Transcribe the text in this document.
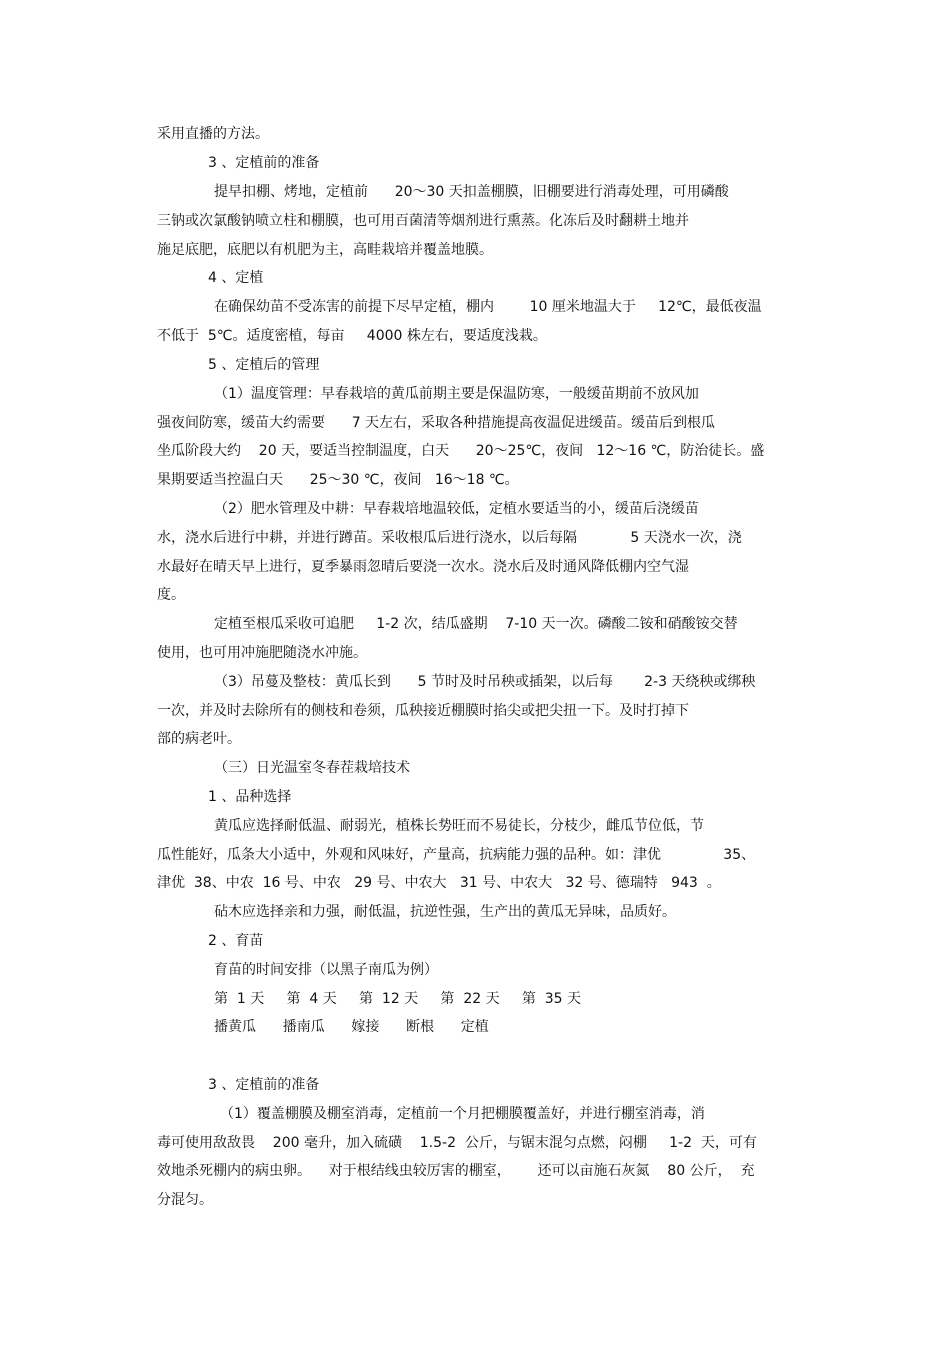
采用直播的方法。

3 、定植前的准备

提早扣棚、烤地，定植前      20～30 天扣盖棚膜，旧棚要进行消毒处理，可用磷酸

三钠或次氯酸钠喷立柱和棚膜，也可用百菌清等烟剂进行熏蒸。化冻后及时翻耕土地并

施足底肥，底肥以有机肥为主，高畦栽培并覆盖地膜。

4 、定植

在确保幼苗不受冻害的前提下尽早定植，棚内        10 厘米地温大于     12℃，最低夜温

不低于  5℃。适度密植，每亩     4000 株左右，要适度浅栽。

5 、定植后的管理

（1）温度管理：早春栽培的黄瓜前期主要是保温防寒，一般缓苗期前不放风加

强夜间防寒，缓苗大约需要      7 天左右，采取各种措施提高夜温促进缓苗。缓苗后到根瓜

坐瓜阶段大约    20 天，要适当控制温度，白天      20～25℃，夜间   12～16 ℃，防治徒长。盛

果期要适当控温白天      25～30 ℃，夜间   16～18 ℃。

（2）肥水管理及中耕：早春栽培地温较低，定植水要适当的小，缓苗后浇缓苗

水，浇水后进行中耕，并进行蹲苗。采收根瓜后进行浇水，以后每隔            5 天浇水一次，浇

水最好在晴天早上进行，夏季暴雨忽晴后要浇一次水。浇水后及时通风降低棚内空气湿

度。

定植至根瓜采收可追肥     1-2 次，结瓜盛期    7-10 天一次。磷酸二铵和硝酸铵交替

使用，也可用冲施肥随浇水冲施。

（3）吊蔓及整枝：黄瓜长到      5 节时及时吊秧或插架，以后每       2-3 天绕秧或绑秧

一次，并及时去除所有的侧枝和卷须，瓜秧接近棚膜时掐尖或把尖扭一下。及时打掉下

部的病老叶。

（三）日光温室冬春茬栽培技术

1 、品种选择

黄瓜应选择耐低温、耐弱光，植株长势旺而不易徒长，分枝少，雌瓜节位低，节

瓜性能好，瓜条大小适中，外观和风味好，产量高，抗病能力强的品种。如：津优              35、

津优  38、中农  16 号、中农   29 号、中农大   31 号、中农大   32 号、德瑞特   943  。

砧木应选择亲和力强，耐低温，抗逆性强，生产出的黄瓜无异味，品质好。

2 、育苗

育苗的时间安排（以黑子南瓜为例）

第  1 天     第  4 天     第  12 天     第  22 天     第  35 天

播黄瓜      播南瓜      嫁接      断根      定植

3 、定植前的准备

（1）覆盖棚膜及棚室消毒，定植前一个月把棚膜覆盖好，并进行棚室消毒，消

毒可使用敌敌畏    200 毫升，加入硫磺    1.5-2  公斤，与锯末混匀点燃，闷棚     1-2  天，可有

效地杀死棚内的病虫卵。    对于根结线虫较厉害的棚室，      还可以亩施石灰氮    80 公斤，  充

分混匀。
